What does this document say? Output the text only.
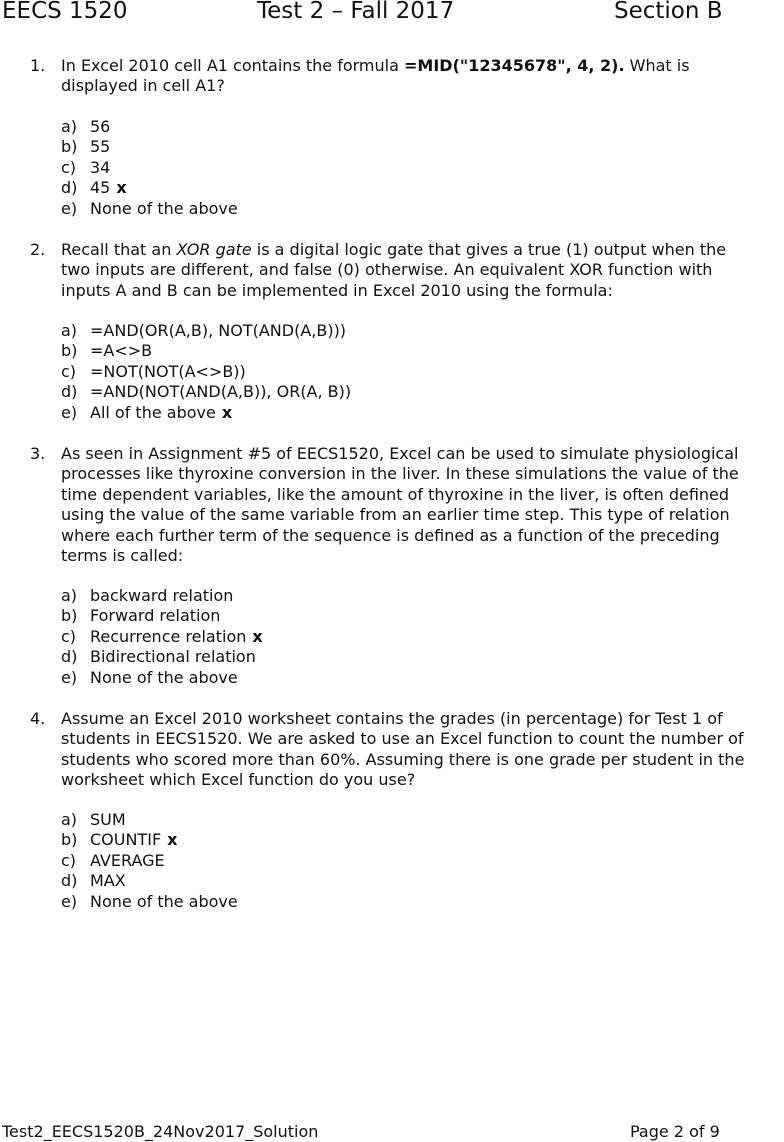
EECS 1520	Test 2 – Fall 2017	Section B
1. In Excel 2010 cell A1 contains the formula =MID("12345678", 4, 2). What is
displayed in cell A1?
a) 56
b) 55
c) 34
d) 45 x
e) None of the above
2. Recall that an XOR gate is a digital logic gate that gives a true (1) output when the
two inputs are different, and false (0) otherwise. An equivalent XOR function with
inputs A and B can be implemented in Excel 2010 using the formula:
a) =AND(OR(A,B), NOT(AND(A,B)))
b) =A<>B
c) =NOT(NOT(A<>B))
d) =AND(NOT(AND(A,B)), OR(A, B))
e) All of the above x
3. As seen in Assignment #5 of EECS1520, Excel can be used to simulate physiological
processes like thyroxine conversion in the liver. In these simulations the value of the
time dependent variables, like the amount of thyroxine in the liver, is often defined
using the value of the same variable from an earlier time step. This type of relation
where each further term of the sequence is defined as a function of the preceding
terms is called:
a) backward relation
b) Forward relation
c) Recurrence relation x
d) Bidirectional relation
e) None of the above
4. Assume an Excel 2010 worksheet contains the grades (in percentage) for Test 1 of
students in EECS1520. We are asked to use an Excel function to count the number of
students who scored more than 60%. Assuming there is one grade per student in the
worksheet which Excel function do you use?
a) SUM
b) COUNTIF x
c) AVERAGE
d) MAX
e) None of the above
Test2_EECS1520B_24Nov2017_Solution	Page 2 of 9
